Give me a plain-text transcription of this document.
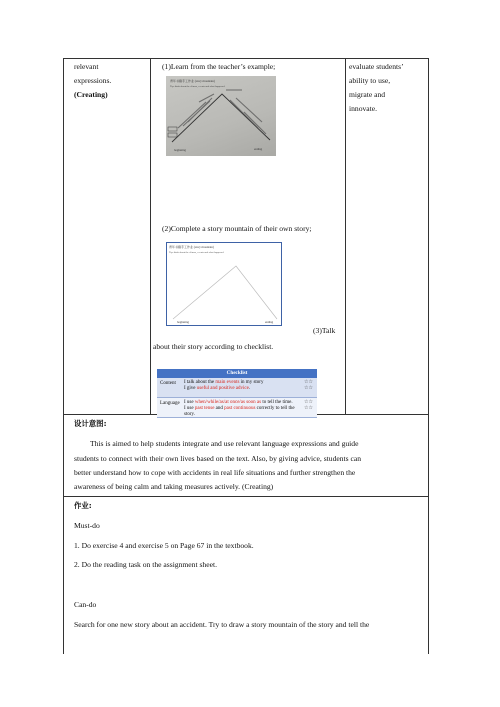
relevant
expressions.
(Creating)
(1)Learn from the teacher’s example;
青年书籍手工作业 (story mountain)
Tip: think about the climax, events and what happened
beginning	ending
(2)Complete a story mountain of their own story;
青年书籍手工作业 (story mountain)
Tip: think about the climax, events and what happened
beginning	ending
(3)Talk
about their story according to checklist.
Checklist
Content I talk about the main events in my story
I give useful and positive advice.
☆☆
☆☆
Language I use when/while/as/at once/as soon as to tell the time.
I use past tense and past continuous correctly to tell the
story.
☆☆
☆☆
evaluate students’
ability to use,
migrate and
innovate.
设计意图:
This is aimed to help students integrate and use relevant language expressions and guide
students to connect with their own lives based on the text. Also, by giving advice, students can
better understand how to cope with accidents in real life situations and further strengthen the
awareness of being calm and taking measures actively. (Creating)
作业:
Must-do
1. Do exercise 4 and exercise 5 on Page 67 in the textbook.
2. Do the reading task on the assignment sheet.
Can-do
Search for one new story about an accident. Try to draw a story mountain of the story and tell the
